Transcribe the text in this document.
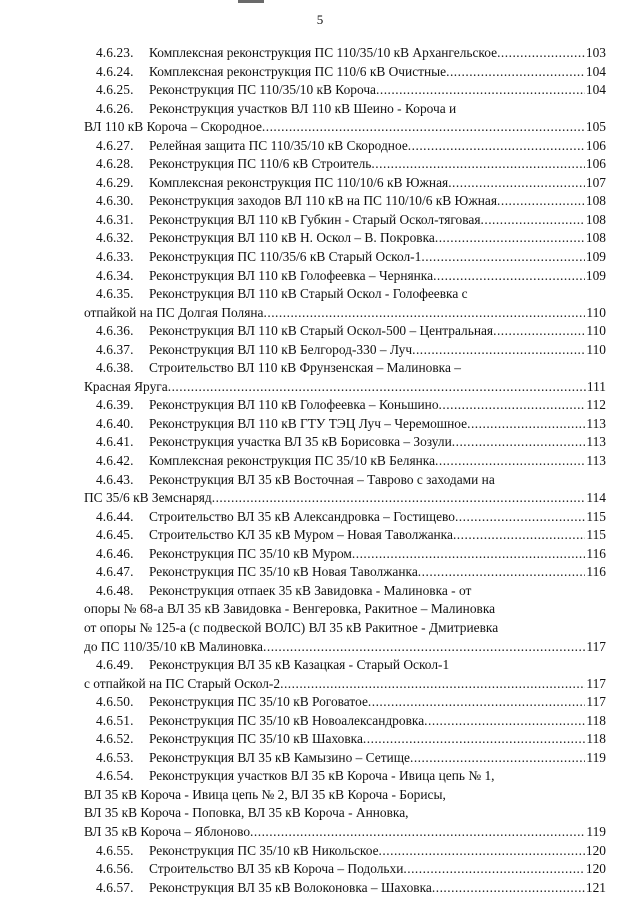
5
4.6.23.	Комплексная реконструкция ПС 110/35/10 кВ Архангельское .....	103
4.6.24.	Комплексная реконструкция ПС 110/6 кВ Очистные .....	104
4.6.25.	Реконструкция ПС 110/35/10 кВ Короча .....	104
4.6.26.	Реконструкция участков ВЛ 110 кВ Шеино - Короча и
ВЛ 110 кВ Короча – Скородное .....	105
4.6.27.	Релейная защита ПС 110/35/10 кВ Скородное .....	106
4.6.28.	Реконструкция ПС 110/6 кВ Строитель .....	106
4.6.29.	Комплексная реконструкция ПС 110/10/6 кВ Южная .....	107
4.6.30.	Реконструкция заходов ВЛ 110 кВ на ПС 110/10/6 кВ Южная .....	108
4.6.31.	Реконструкция ВЛ 110 кВ Губкин - Старый Оскол-тяговая .....	108
4.6.32.	Реконструкция ВЛ 110 кВ Н. Оскол – В. Покровка .....	108
4.6.33.	Реконструкция ПС 110/35/6 кВ Старый Оскол-1 .....	109
4.6.34.	Реконструкция ВЛ 110 кВ Голофеевка – Чернянка .....	109
4.6.35.	Реконструкция ВЛ 110 кВ Старый Оскол - Голофеевка с
отпайкой на ПС Долгая Поляна .....	110
4.6.36.	Реконструкция ВЛ 110 кВ Старый Оскол-500 – Центральная .....	110
4.6.37.	Реконструкция ВЛ 110 кВ Белгород-330 – Луч .....	110
4.6.38.	Строительство ВЛ 110 кВ Фрунзенская – Малиновка –
Красная Яруга .....	111
4.6.39.	Реконструкция ВЛ 110 кВ Голофеевка – Коньшино .....	112
4.6.40.	Реконструкция ВЛ 110 кВ ГТУ ТЭЦ Луч – Черемошное .....	113
4.6.41.	Реконструкция участка ВЛ 35 кВ Борисовка – Зозули .....	113
4.6.42.	Комплексная реконструкция ПС 35/10 кВ Белянка .....	113
4.6.43.	Реконструкция ВЛ 35 кВ Восточная – Таврово с заходами на
ПС 35/6 кВ Земснаряд .....	114
4.6.44.	Строительство ВЛ 35 кВ Александровка – Гостищево .....	115
4.6.45.	Строительство КЛ 35 кВ Муром – Новая Таволжанка .....	115
4.6.46.	Реконструкция ПС 35/10 кВ Муром .....	116
4.6.47.	Реконструкция ПС 35/10 кВ Новая Таволжанка .....	116
4.6.48.	Реконструкция отпаек 35 кВ Завидовка - Малиновка - от
опоры № 68-а ВЛ 35 кВ Завидовка - Венгеровка, Ракитное – Малиновка
от опоры № 125-а (с подвеской ВОЛС) ВЛ 35 кВ Ракитное - Дмитриевка
до ПС 110/35/10 кВ Малиновка .....	117
4.6.49.	Реконструкция ВЛ 35 кВ Казацкая - Старый Оскол-1
с отпайкой на ПС Старый Оскол-2 .....	117
4.6.50.	Реконструкция ПС 35/10 кВ Роговатое .....	117
4.6.51.	Реконструкция ПС 35/10 кВ Новоалександровка .....	118
4.6.52.	Реконструкция ПС 35/10 кВ Шаховка .....	118
4.6.53.	Реконструкция ВЛ 35 кВ Камызино – Сетище .....	119
4.6.54.	Реконструкция участков ВЛ 35 кВ Короча - Ивица цепь № 1,
ВЛ 35 кВ Короча - Ивица цепь № 2, ВЛ 35 кВ Короча - Борисы,
ВЛ 35 кВ Короча - Поповка, ВЛ 35 кВ Короча - Анновка,
ВЛ 35 кВ Короча – Яблоново .....	119
4.6.55.	Реконструкция ПС 35/10 кВ Никольское .....	120
4.6.56.	Строительство ВЛ 35 кВ Короча – Подольхи .....	120
4.6.57.	Реконструкция ВЛ 35 кВ Волоконовка – Шаховка .....	121
